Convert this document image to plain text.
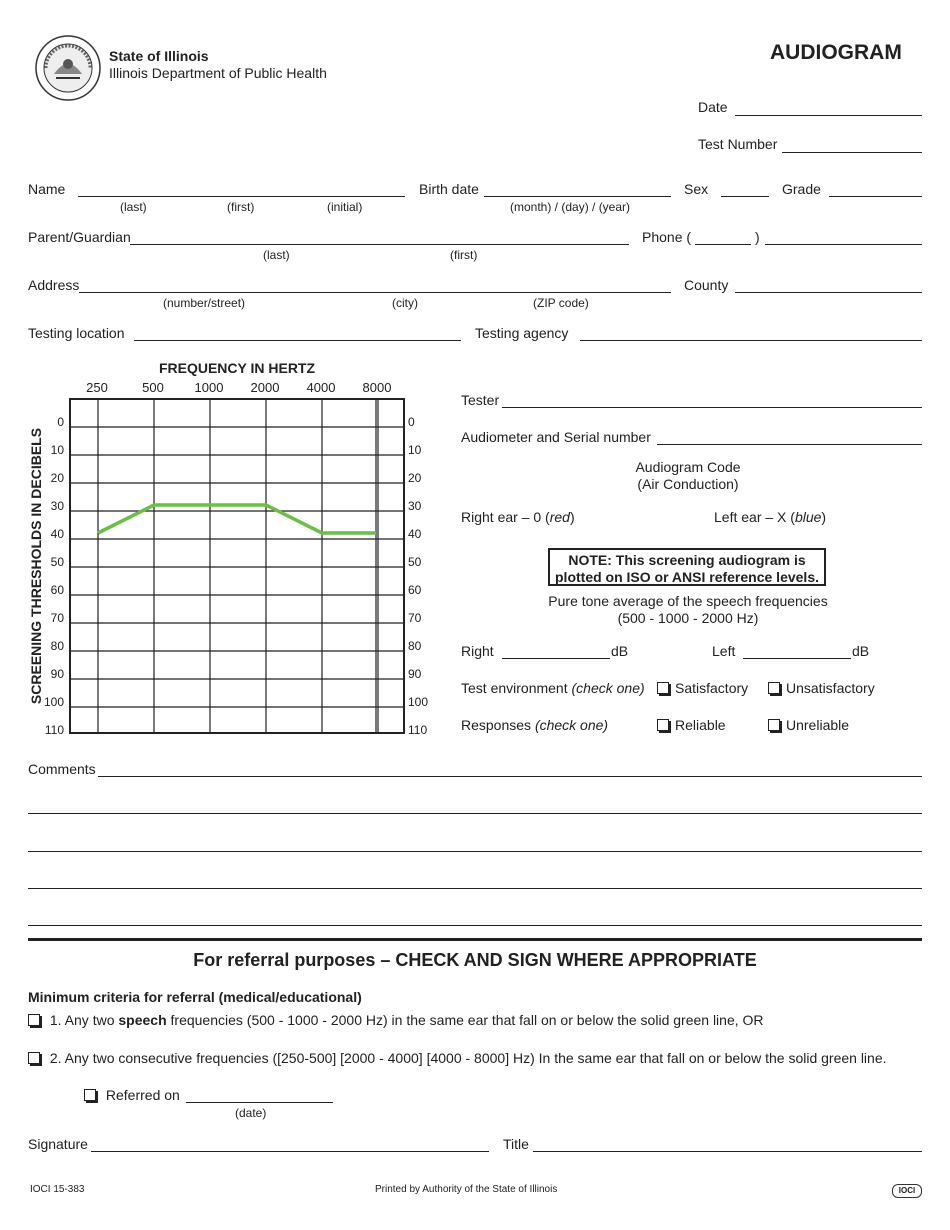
State of Illinois
Illinois Department of Public Health
AUDIOGRAM
Date
Test Number
Name
(last)	(first)	(initial)
Birth date
(month) / (day) / (year)
Sex	Grade
Parent/Guardian
(last)	(first)
Phone (	)
Address
(number/street)	(city)	(ZIP code)
County
Testing location	Testing agency
0	0
10	10
20	20
30	30
40	40
50	50
60	60
70	70
80	80
90	90
100	100
110	110
250	500 1000 2000 4000 8000
FREQUENCY IN HERTZ
SCREENING THRESHOLDS IN DECIBELS
Tester
Audiometer and Serial number
Audiogram Code
(Air Conduction)
Right ear – 0 (red)	Left ear – X (blue)
NOTE: This screening audiogram is
plotted on ISO or ANSI reference levels.
Pure tone average of the speech frequencies
(500 - 1000 - 2000 Hz)
Right	dB	Left	dB
Test environment (check one)	Satisfactory	Unsatisfactory
Responses (check one)	Reliable	Unreliable
Comments
For referral purposes – CHECK AND SIGN WHERE APPROPRIATE
Minimum criteria for referral (medical/educational)
1. Any two speech frequencies (500 - 1000 - 2000 Hz) in the same ear that fall on or below the solid green line, OR
2. Any two consecutive frequencies ([250-500] [2000 - 4000] [4000 - 8000] Hz) In the same ear that fall on or below the solid green line.
Referred on
(date)
Signature	Title
IOCI 15-383	Printed by Authority of the State of Illinois	IOCI
